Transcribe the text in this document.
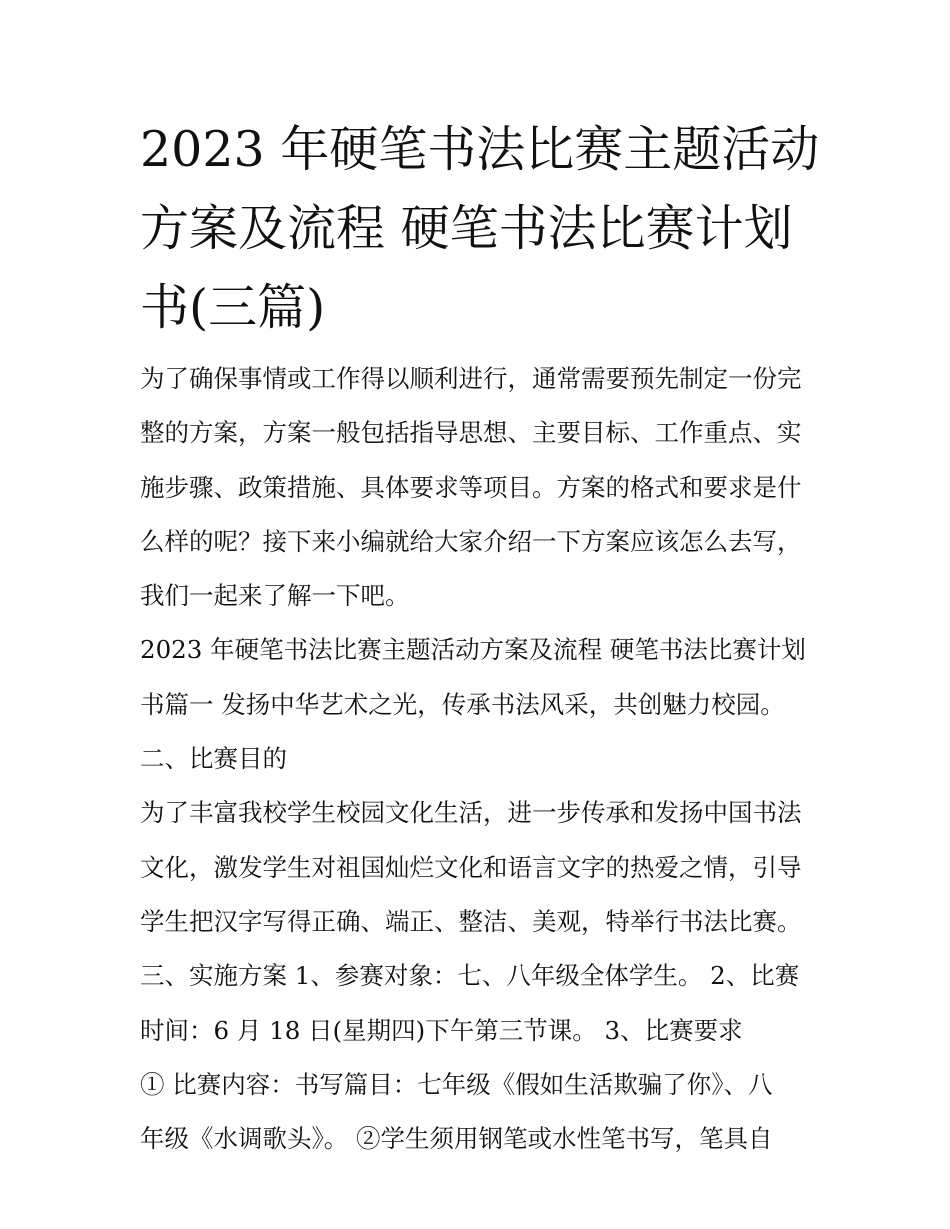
2023 年硬笔书法比赛主题活动
方案及流程 硬笔书法比赛计划
书(三篇)
为了确保事情或工作得以顺利进行，通常需要预先制定一份完
整的方案，方案一般包括指导思想、主要目标、工作重点、实
施步骤、政策措施、具体要求等项目。方案的格式和要求是什
么样的呢？接下来小编就给大家介绍一下方案应该怎么去写，
我们一起来了解一下吧。
2023 年硬笔书法比赛主题活动方案及流程 硬笔书法比赛计划
书篇一 发扬中华艺术之光，传承书法风采，共创魅力校园。
二、比赛目的
为了丰富我校学生校园文化生活，进一步传承和发扬中国书法
文化，激发学生对祖国灿烂文化和语言文字的热爱之情，引导
学生把汉字写得正确、端正、整洁、美观，特举行书法比赛。
三、实施方案 1、参赛对象：七、八年级全体学生。 2、比赛
时间：6 月 18 日(星期四)下午第三节课。 3、比赛要求
① 比赛内容：书写篇目：七年级《假如生活欺骗了你》、八
年级《水调歌头》。 ②学生须用钢笔或水性笔书写，笔具自
